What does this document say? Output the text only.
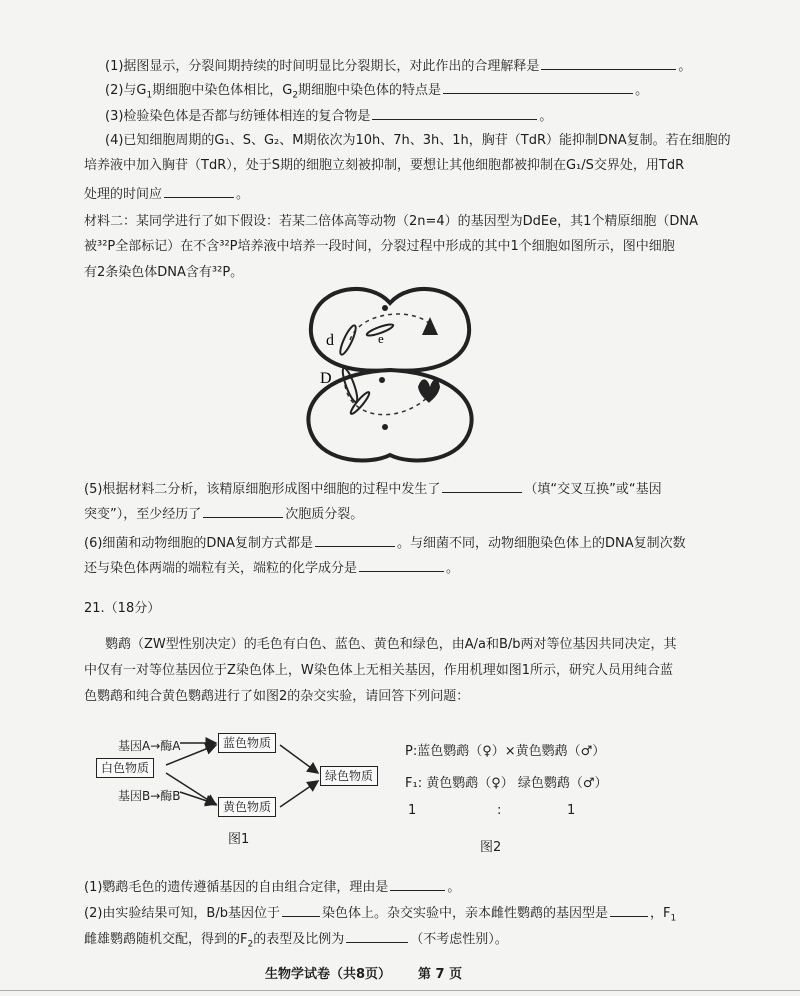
(1)据图显示，分裂间期持续的时间明显比分裂期长，对此作出的合理解释是	。
(2)与$G_1$期细胞中染色体相比，$G_2$期细胞中染色体的特点是	。
(3)检验染色体是否都与纺锤体相连的复合物是	。
(4)已知细胞周期的G₁、S、G₂、M期依次为10h、7h、3h、1h，胸苷（TdR）能抑制DNA复制。若在细胞的
培养液中加入胸苷（TdR），处于S期的细胞立刻被抑制，要想让其他细胞都被抑制在G₁/S交界处，用TdR
处理的时间应	。
材料二：某同学进行了如下假设：若某二倍体高等动物（2n=4）的基因型为DdEe，其1个精原细胞（DNA
被³²P全部标记）在不含³²P培养液中培养一段时间，分裂过程中形成的其中1个细胞如图所示，图中细胞
有2条染色体DNA含有³²P。
d	e
D
(5)根据材料二分析，该精原细胞形成图中细胞的过程中发生了	（填“交叉互换”或“基因
突变”），至少经历了	次胞质分裂。
(6)细菌和动物细胞的DNA复制方式都是	。与细菌不同，动物细胞染色体上的DNA复制次数
还与染色体两端的端粒有关，端粒的化学成分是	。
21.（18分）
鹦鹉（ZW型性别决定）的毛色有白色、蓝色、黄色和绿色，由A/a和B/b两对等位基因共同决定，其
中仅有一对等位基因位于Z染色体上，W染色体上无相关基因，作用机理如图1所示，研究人员用纯合蓝
色鹦鹉和纯合黄色鹦鹉进行了如图2的杂交实验，请回答下列问题：
基因A→酶A
基因B→酶B
白色物质
蓝色物质
黄色物质
绿色物质
图1
P:蓝色鹦鹉（♀）×黄色鹦鹉（♂）
F₁: 黄色鹦鹉（♀） 绿色鹦鹉（♂）
1	:	1
图2
(1)鹦鹉毛色的遗传遵循基因的自由组合定律，理由是	。
(2)由实验结果可知，B/b基因位于	染色体上。杂交实验中，亲本雌性鹦鹉的基因型是	，$F_1$
雌雄鹦鹉随机交配，得到的$F_2$的表型及比例为	（不考虑性别）。
生物学试卷（共8页） 第 7 页
